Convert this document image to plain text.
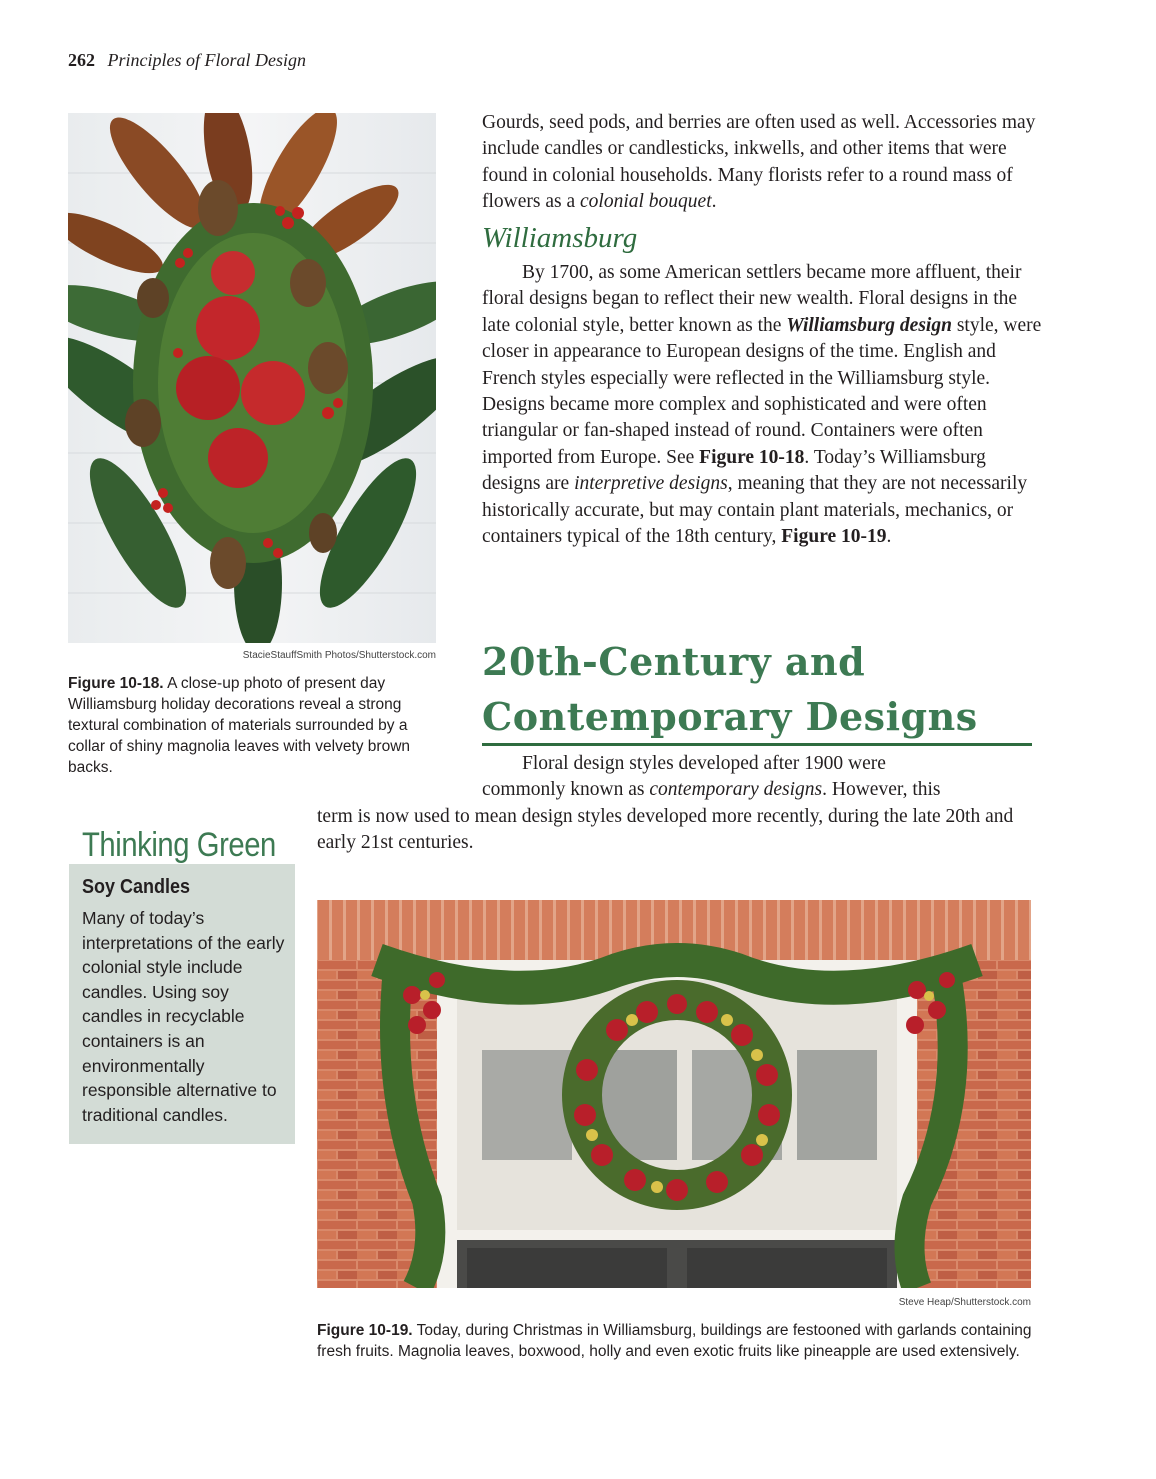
262 Principles of Floral Design
StacieStauffSmith Photos/Shutterstock.com
Figure 10-18. A close-up photo of present day Williamsburg holiday decorations reveal a strong textural combination of materials surrounded by a collar of shiny magnolia leaves with velvety brown backs.

Gourds, seed pods, and berries are often used as well. Accessories may include candles or candlesticks, inkwells, and other items that were found in colonial households. Many florists refer to a round mass of flowers as a colonial bouquet.

Williamsburg

By 1700, as some American settlers became more affluent, their floral designs began to reflect their new wealth. Floral designs in the late colonial style, better known as the Williamsburg design style, were closer in appearance to European designs of the time. English and French styles especially were reflected in the Williamsburg style. Designs became more complex and sophisticated and were often triangular or fan-shaped instead of round. Containers were often imported from Europe. See Figure 10-18. Today’s Williamsburg designs are interpretive designs, meaning that they are not necessarily historically accurate, but may contain plant materials, mechanics, or containers typical of the 18th century, Figure 10-19.

20th-Century and
Contemporary Designs

Floral design styles developed after 1900 were

commonly known as contemporary designs. However, this

term is now used to mean design styles developed more recently, during the late 20th and early 21st centuries.

Thinking Green
Soy Candles
Many of today’s interpretations of the early colonial style include candles. Using soy candles in recyclable containers is an environmentally responsible alternative to traditional candles.
Steve Heap/Shutterstock.com
Figure 10-19. Today, during Christmas in Williamsburg, buildings are festooned with garlands containing fresh fruits. Magnolia leaves, boxwood, holly and even exotic fruits like pineapple are used extensively.
